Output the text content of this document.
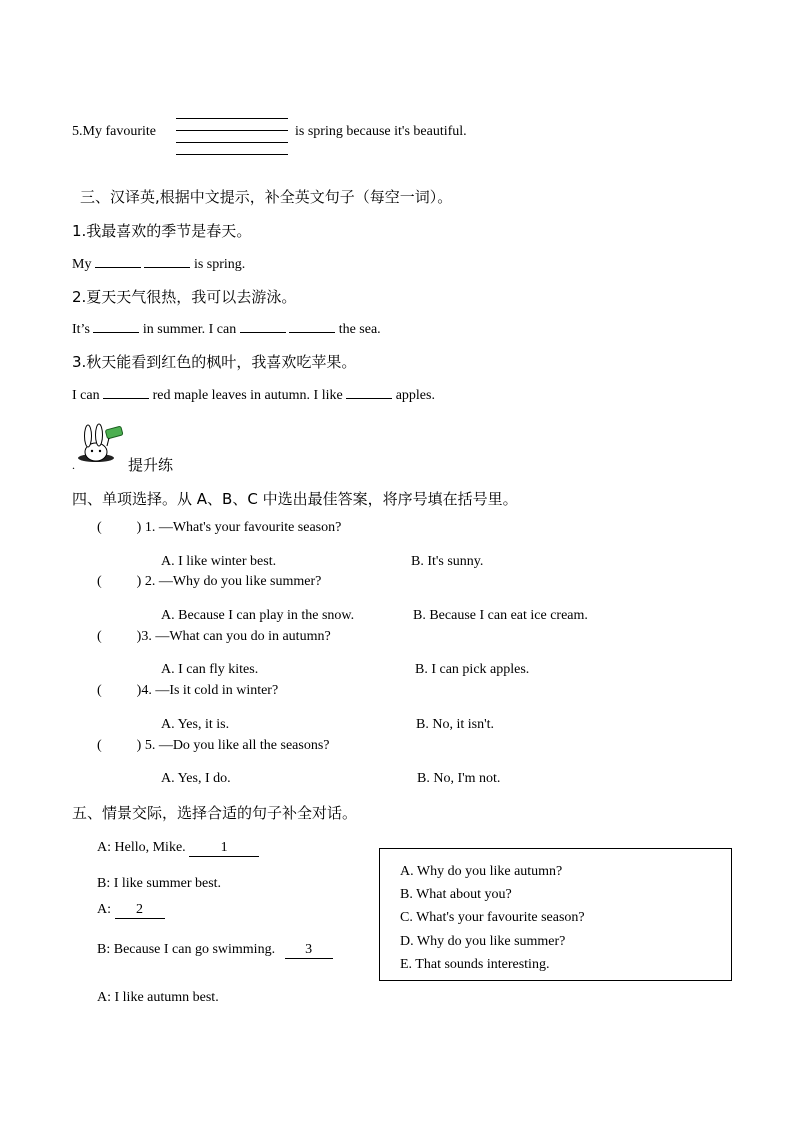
5.My favourite	is spring because it's beautiful.
三、汉译英,根据中文提示，补全英文句子（每空一词）。
1.我最喜欢的季节是春天。
My	is spring.
2.夏天天气很热，我可以去游泳。
It’s	in summer. I can	the sea.
3.秋天能看到红色的枫叶，我喜欢吃苹果。
I can	red maple leaves in autumn. I like	apples.
.	提升练
四、单项选择。从 A、B、C 中选出最佳答案，将序号填在括号里。
(          ) 1. —What's your favourite season?
A. I like winter best.	B. It's sunny.
(          ) 2. —Why do you like summer?
A. Because I can play in the snow.	B. Because I can eat ice cream.
(          )3. —What can you do in autumn?
A. I can fly kites.	B. I can pick apples.
(          )4. —Is it cold in winter?
A. Yes, it is.	B. No, it isn't.
(          ) 5. —Do you like all the seasons?
A. Yes, I do.	B. No, I'm not.
五、情景交际，选择合适的句子补全对话。
A: Hello, Mike.	1
B: I like summer best.
A: 2
B: Because I can go swimming. 3
A: I like autumn best.
A. Why do you like autumn?
B. What about you?
C. What's your favourite season?
D. Why do you like summer?
E. That sounds interesting.
